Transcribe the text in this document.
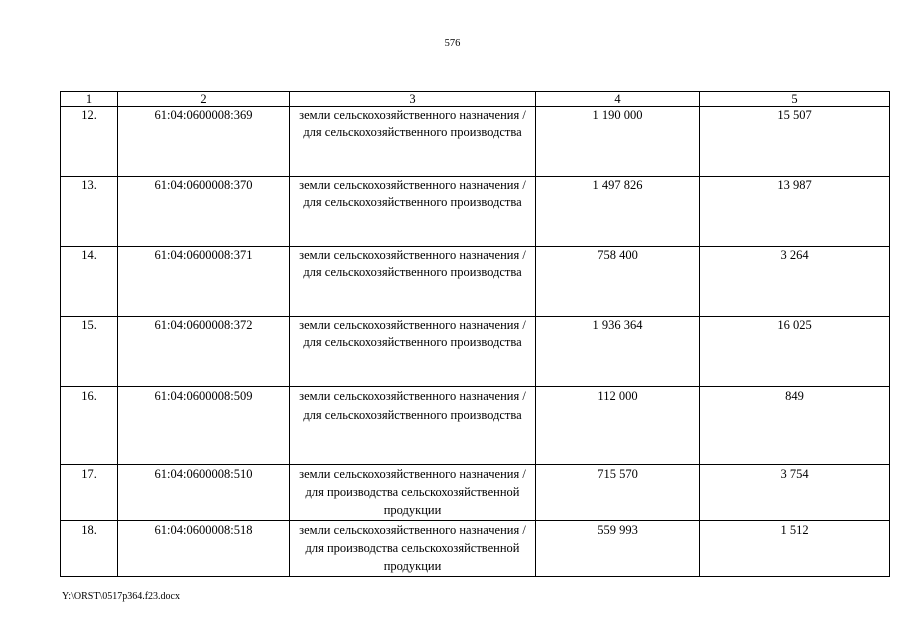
576
1	2	3	4	5
12.	61:04:0600008:369	земли сельскохозяйственного назначения / для сельскохозяйственного производства	1 190 000	15 507
13.	61:04:0600008:370	земли сельскохозяйственного назначения / для сельскохозяйственного производства	1 497 826	13 987
14.	61:04:0600008:371	земли сельскохозяйственного назначения / для сельскохозяйственного производства	758 400	3 264
15.	61:04:0600008:372	земли сельскохозяйственного назначения / для сельскохозяйственного производства	1 936 364	16 025
16.	61:04:0600008:509	земли сельскохозяйственного назначения / для сельскохозяйственного производства	112 000	849
17.	61:04:0600008:510	земли сельскохозяйственного назначения / для производства сельскохозяйственной продукции	715 570	3 754
18.	61:04:0600008:518	земли сельскохозяйственного назначения / для производства сельскохозяйственной продукции	559 993	1 512
Y:\ORST\0517p364.f23.docx
